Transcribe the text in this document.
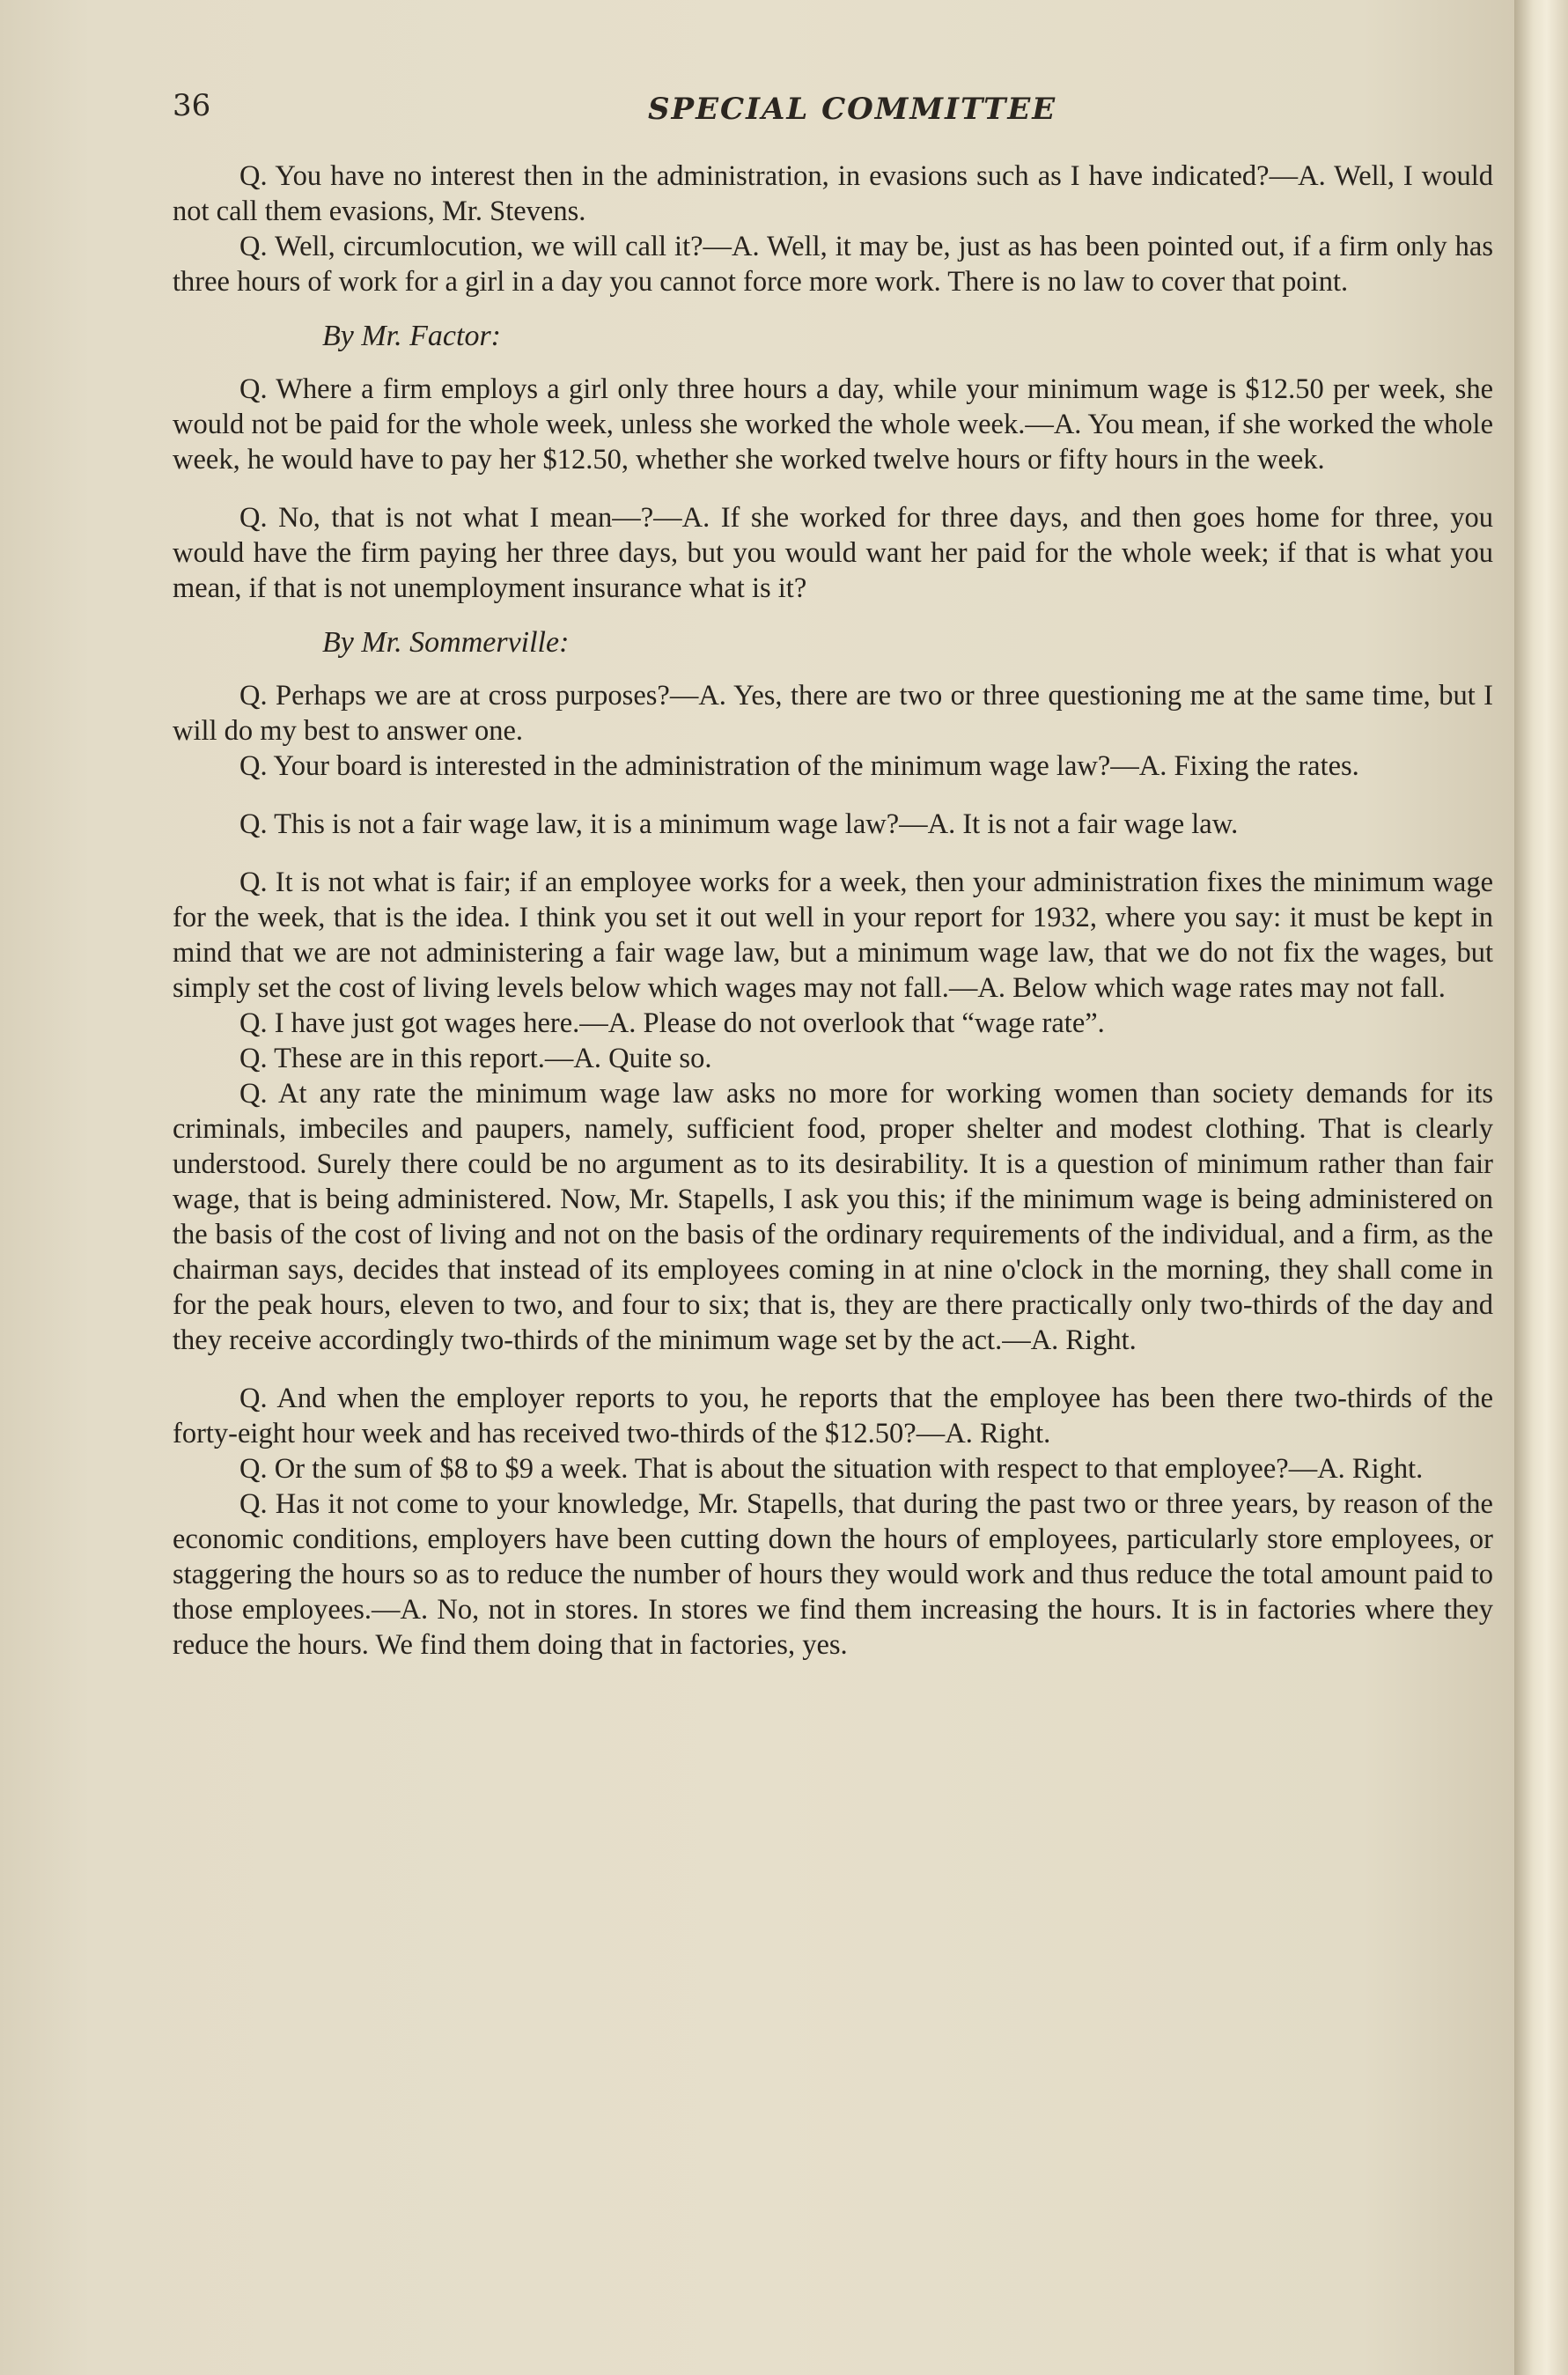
36	SPECIAL COMMITTEE

Q. You have no interest then in the administration, in evasions such as I have indicated?—A. Well, I would not call them evasions, Mr. Stevens.

Q. Well, circumlocution, we will call it?—A. Well, it may be, just as has been pointed out, if a firm only has three hours of work for a girl in a day you cannot force more work. There is no law to cover that point.

By Mr. Factor:

Q. Where a firm employs a girl only three hours a day, while your minimum wage is $12.50 per week, she would not be paid for the whole week, unless she worked the whole week.—A. You mean, if she worked the whole week, he would have to pay her $12.50, whether she worked twelve hours or fifty hours in the week.

Q. No, that is not what I mean—?—A. If she worked for three days, and then goes home for three, you would have the firm paying her three days, but you would want her paid for the whole week; if that is what you mean, if that is not unemployment insurance what is it?

By Mr. Sommerville:

Q. Perhaps we are at cross purposes?—A. Yes, there are two or three questioning me at the same time, but I will do my best to answer one.

Q. Your board is interested in the administration of the minimum wage law?—A. Fixing the rates.

Q. This is not a fair wage law, it is a minimum wage law?—A. It is not a fair wage law.

Q. It is not what is fair; if an employee works for a week, then your administration fixes the minimum wage for the week, that is the idea. I think you set it out well in your report for 1932, where you say: it must be kept in mind that we are not administering a fair wage law, but a minimum wage law, that we do not fix the wages, but simply set the cost of living levels below which wages may not fall.—A. Below which wage rates may not fall.

Q. I have just got wages here.—A. Please do not overlook that “wage rate”.

Q. These are in this report.—A. Quite so.

Q. At any rate the minimum wage law asks no more for working women than society demands for its criminals, imbeciles and paupers, namely, sufficient food, proper shelter and modest clothing. That is clearly understood. Surely there could be no argument as to its desirability. It is a question of minimum rather than fair wage, that is being administered. Now, Mr. Stapells, I ask you this; if the minimum wage is being administered on the basis of the cost of living and not on the basis of the ordinary requirements of the individual, and a firm, as the chairman says, decides that instead of its employees coming in at nine o'clock in the morning, they shall come in for the peak hours, eleven to two, and four to six; that is, they are there practically only two-thirds of the day and they receive accordingly two-thirds of the minimum wage set by the act.—A. Right.

Q. And when the employer reports to you, he reports that the employee has been there two-thirds of the forty-eight hour week and has received two-thirds of the $12.50?—A. Right.

Q. Or the sum of $8 to $9 a week. That is about the situation with respect to that employee?—A. Right.

Q. Has it not come to your knowledge, Mr. Stapells, that during the past two or three years, by reason of the economic conditions, employers have been cutting down the hours of employees, particularly store employees, or staggering the hours so as to reduce the number of hours they would work and thus reduce the total amount paid to those employees.—A. No, not in stores. In stores we find them increasing the hours. It is in factories where they reduce the hours. We find them doing that in factories, yes.
